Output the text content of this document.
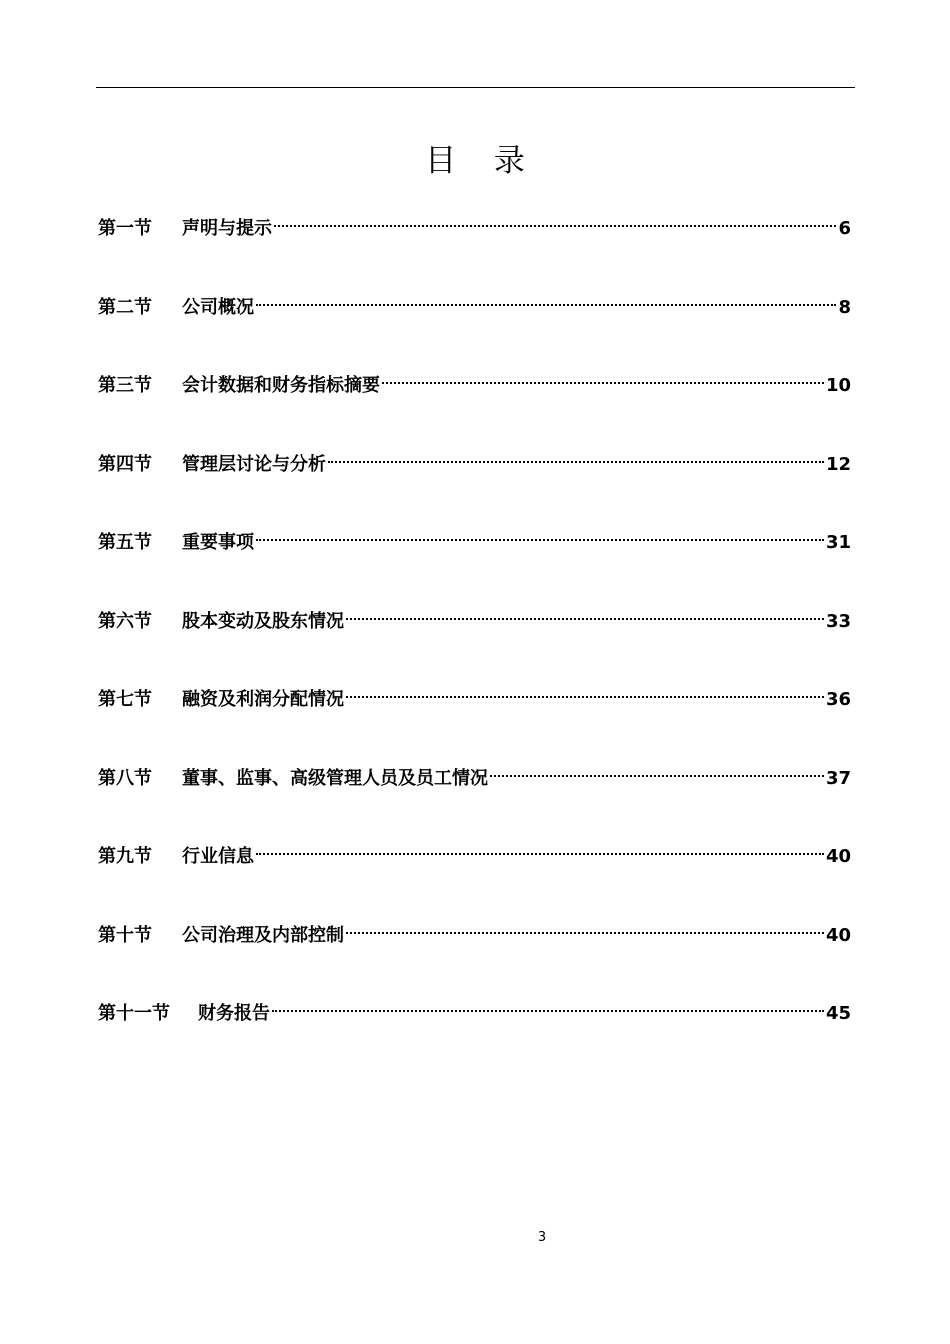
目 录
第一节	声明与提示	6
第二节	公司概况	8
第三节	会计数据和财务指标摘要	10
第四节	管理层讨论与分析	12
第五节	重要事项	31
第六节	股本变动及股东情况	33
第七节	融资及利润分配情况	36
第八节	董事、监事、高级管理人员及员工情况	37
第九节	行业信息	40
第十节	公司治理及内部控制	40
第十一节	财务报告	45
3
